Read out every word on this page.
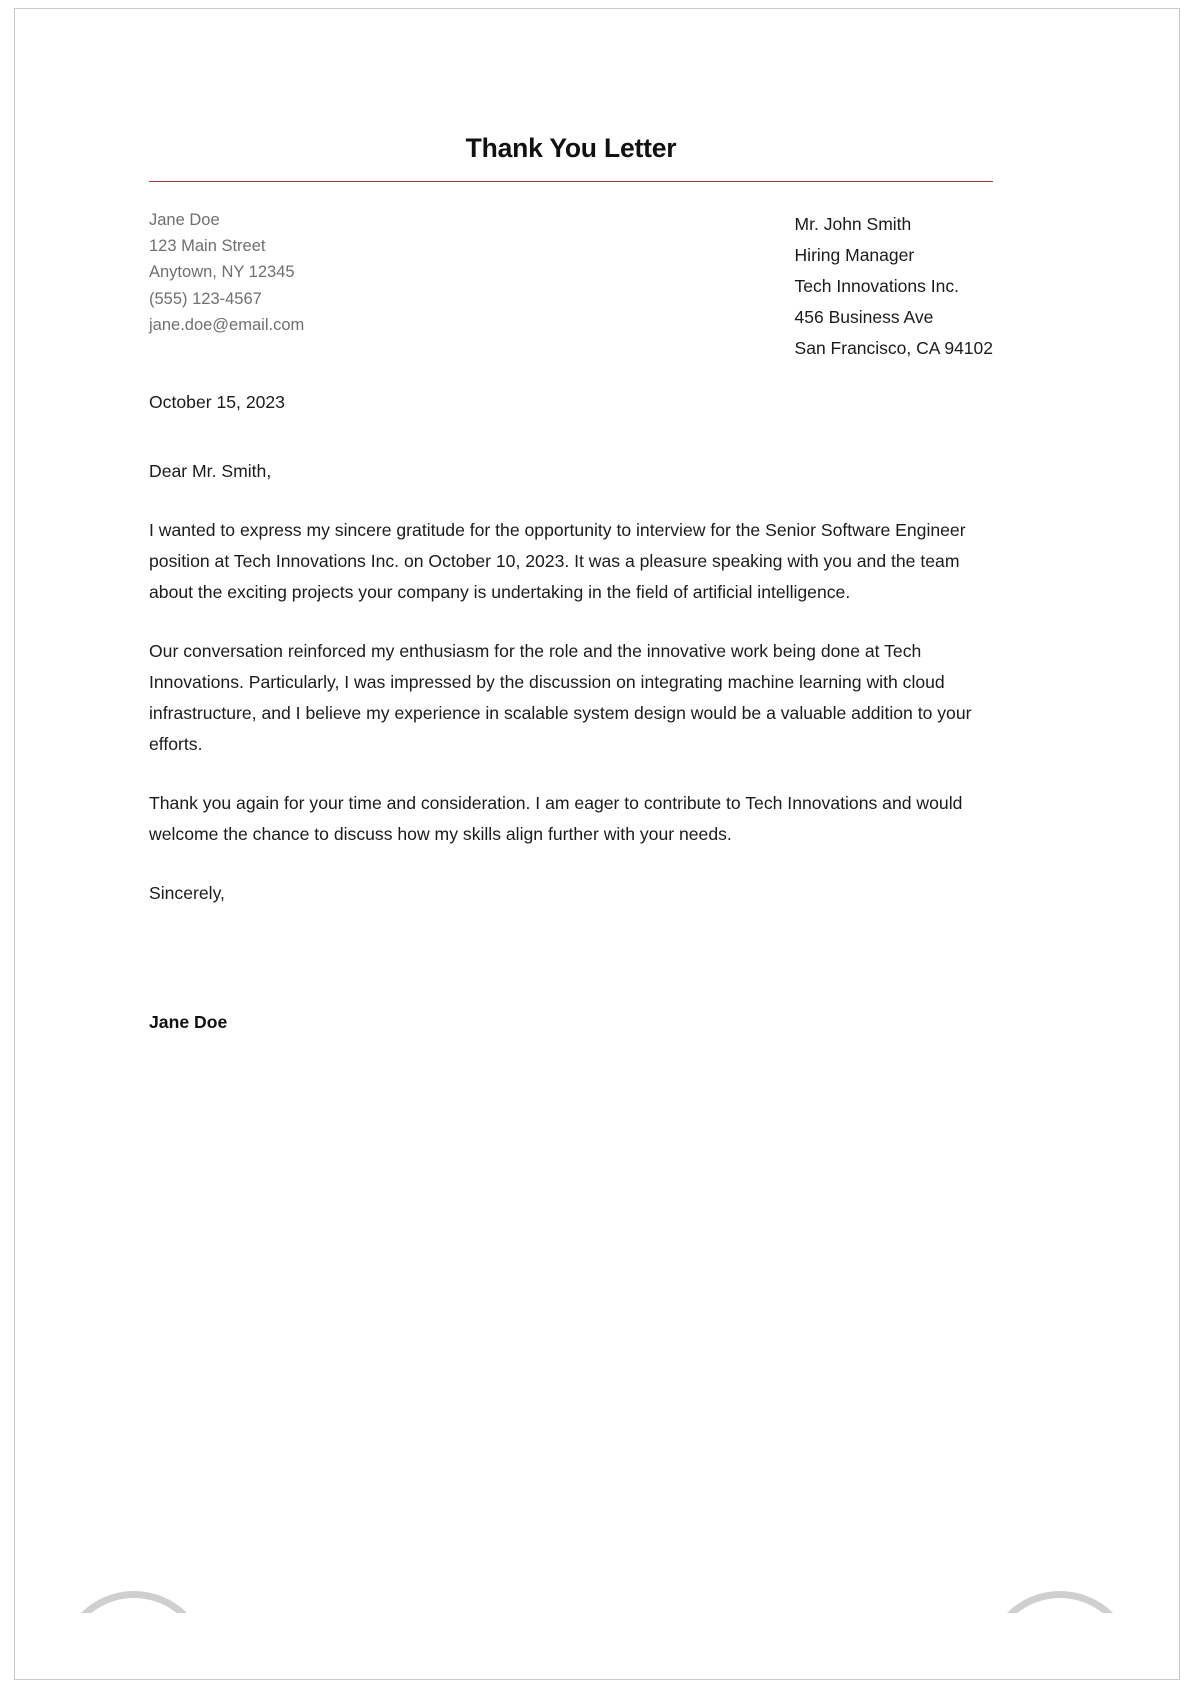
Thank You Letter
Jane Doe
123 Main Street
Anytown, NY 12345
(555) 123-4567
jane.doe@email.com
Mr. John Smith
Hiring Manager
Tech Innovations Inc.
456 Business Ave
San Francisco, CA 94102

October 15, 2023

Dear Mr. Smith,

I wanted to express my sincere gratitude for the opportunity to interview for the Senior Software Engineer position at Tech Innovations Inc. on October 10, 2023. It was a pleasure speaking with you and the team about the exciting projects your company is undertaking in the field of artificial intelligence.

Our conversation reinforced my enthusiasm for the role and the innovative work being done at Tech Innovations. Particularly, I was impressed by the discussion on integrating machine learning with cloud infrastructure, and I believe my experience in scalable system design would be a valuable addition to your efforts.

Thank you again for your time and consideration. I am eager to contribute to Tech Innovations and would welcome the chance to discuss how my skills align further with your needs.

Sincerely,

Jane Doe
